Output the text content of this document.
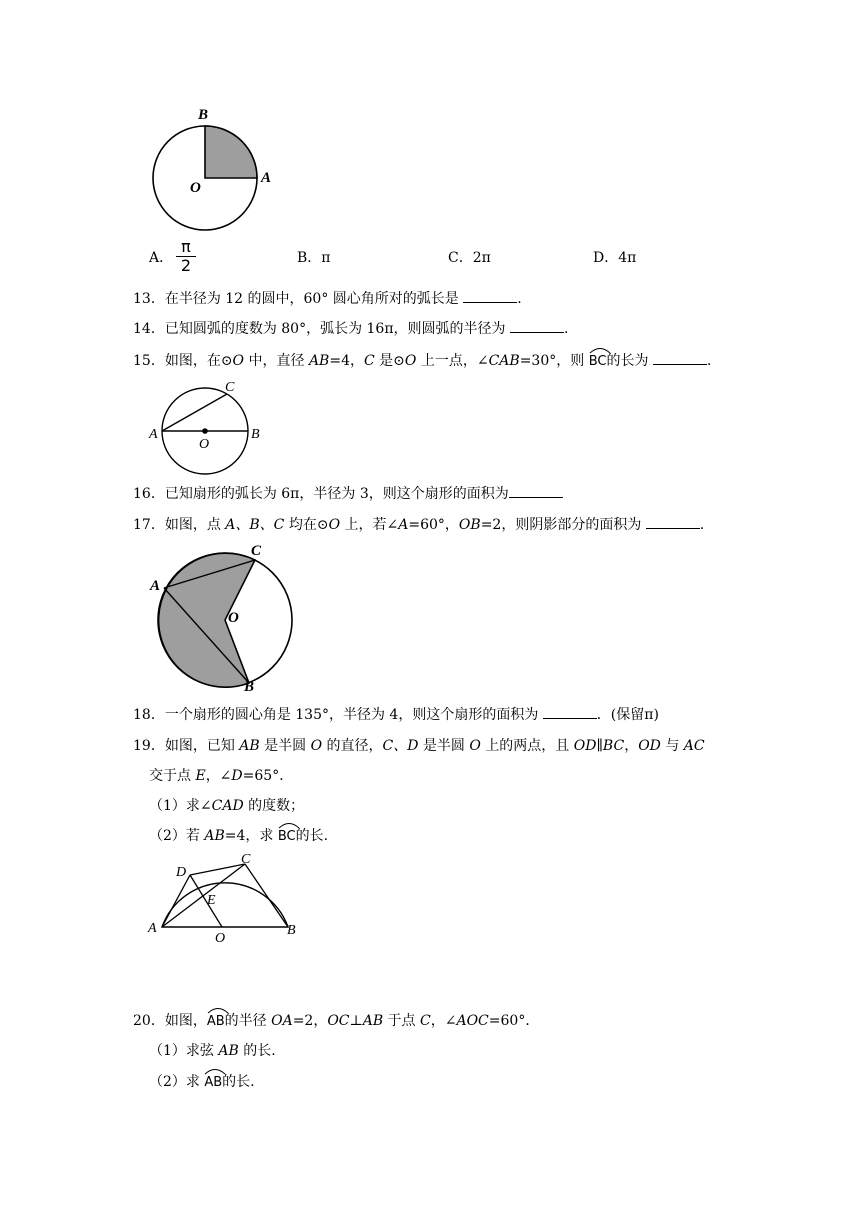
B
O
A
A．
π
2	B．π	C．2π	D．4π
13．在半径为 12 的圆中，60° 圆心角所对的弧长是	.
14．已知圆弧的度数为 80°，弧长为 16π，则圆弧的半径为	.
15．如图，在⊙O 中，直径 AB=4，C 是⊙O 上一点，∠CAB=30°，则
BC的长为	.
C
A
O
B
16．已知扇形的弧长为 6π，半径为 3，则这个扇形的面积为
17．如图，点 A、B、C 均在⊙O 上，若∠A=60°，OB=2，则阴影部分的面积为	.
C
A
O
B
18．一个扇形的圆心角是 135°，半径为 4，则这个扇形的面积为	．(保留π)
19．如图，已知 AB 是半圆 O 的直径，C、D 是半圆 O 上的两点，且 OD∥BC，OD 与 AC
交于点 E，∠D=65°．
（1）求∠CAD 的度数；
（2）若 AB=4，求
BC的长.
D
C
E
A
O
B
20．如图，
AB的半径 OA=2，OC⊥AB 于点 C，∠AOC=60°．
（1）求弦 AB 的长.
（2）求
AB的长.
